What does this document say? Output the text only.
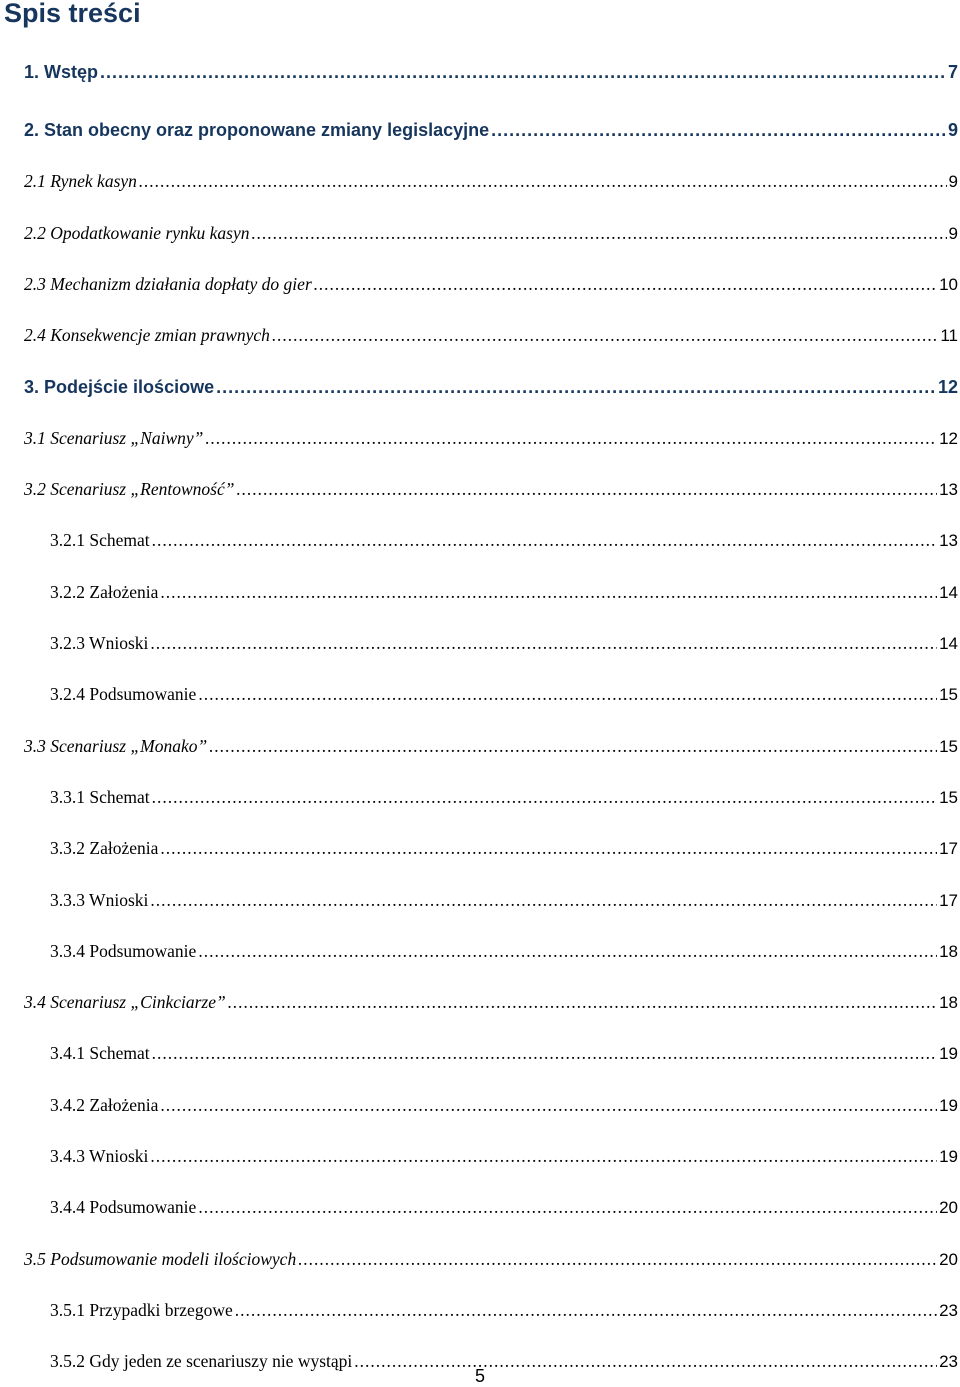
Spis treści
1. Wstęp .....	7
2. Stan obecny oraz proponowane zmiany legislacyjne .....	9
2.1 Rynek kasyn .....	9
2.2 Opodatkowanie rynku kasyn .....	9
2.3 Mechanizm działania dopłaty do gier .....	10
2.4 Konsekwencje zmian prawnych .....	11
3. Podejście ilościowe .....	12
3.1 Scenariusz „Naiwny” .....	12
3.2 Scenariusz „Rentowność” .....	13
3.2.1 Schemat .....	13
3.2.2 Założenia .....	14
3.2.3 Wnioski .....	14
3.2.4 Podsumowanie .....	15
3.3 Scenariusz „Monako” .....	15
3.3.1 Schemat .....	15
3.3.2 Założenia .....	17
3.3.3 Wnioski .....	17
3.3.4 Podsumowanie .....	18
3.4 Scenariusz „Cinkciarze” .....	18
3.4.1 Schemat .....	19
3.4.2 Założenia .....	19
3.4.3 Wnioski .....	19
3.4.4 Podsumowanie .....	20
3.5 Podsumowanie modeli ilościowych .....	20
3.5.1 Przypadki brzegowe .....	23
3.5.2 Gdy jeden ze scenariuszy nie wystąpi .....	23
5
